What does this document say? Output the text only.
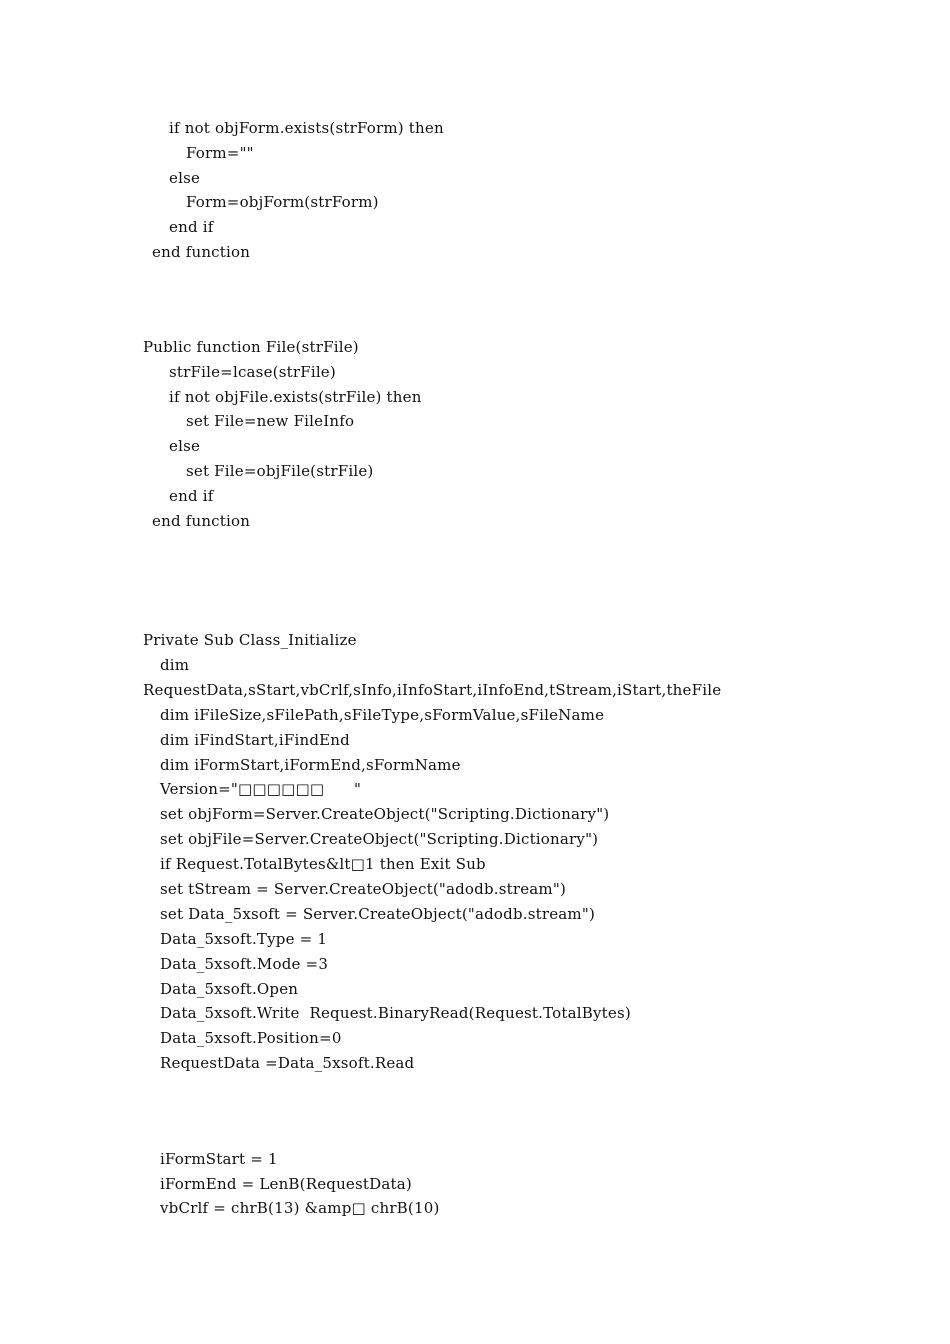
if not objForm.exists(strForm) then
Form=""
else
Form=objForm(strForm)
end if
end function
Public function File(strFile)
strFile=lcase(strFile)
if not objFile.exists(strFile) then
set File=new FileInfo
else
set File=objFile(strFile)
end if
end function
Private Sub Class_Initialize
dim
RequestData,sStart,vbCrlf,sInfo,iInfoStart,iInfoEnd,tStream,iStart,theFile
dim iFileSize,sFilePath,sFileType,sFormValue,sFileName
dim iFindStart,iFindEnd
dim iFormStart,iFormEnd,sFormName
Version="□□□□□□      "
set objForm=Server.CreateObject("Scripting.Dictionary")
set objFile=Server.CreateObject("Scripting.Dictionary")
if Request.TotalBytes&lt□1 then Exit Sub
set tStream = Server.CreateObject("adodb.stream")
set Data_5xsoft = Server.CreateObject("adodb.stream")
Data_5xsoft.Type = 1
Data_5xsoft.Mode =3
Data_5xsoft.Open
Data_5xsoft.Write  Request.BinaryRead(Request.TotalBytes)
Data_5xsoft.Position=0
RequestData =Data_5xsoft.Read
iFormStart = 1
iFormEnd = LenB(RequestData)
vbCrlf = chrB(13) &amp□ chrB(10)
